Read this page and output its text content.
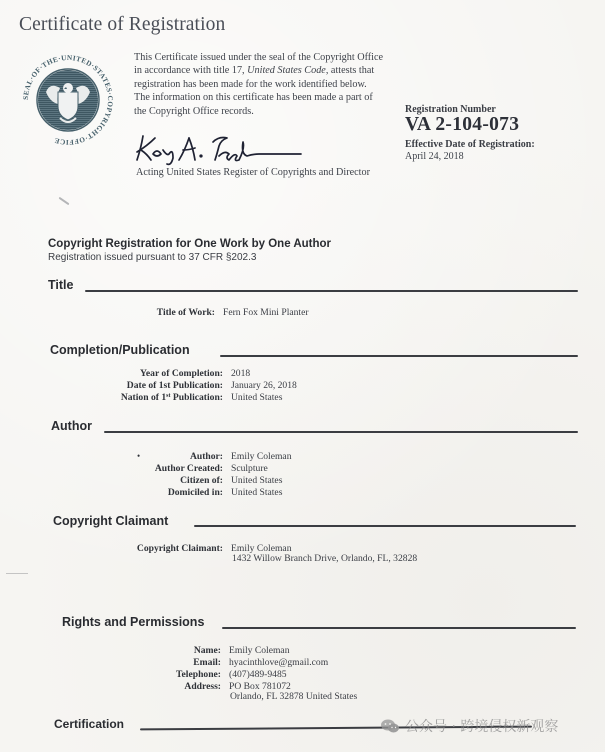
Certificate of Registration
SEAL·OF·THE·UNITED·STATES·COPYRIGHT·OFFICE
This Certificate issued under the seal of the Copyright Office in accordance with title 17, United States Code, attests that registration has been made for the work identified below. The information on this certificate has been made a part of the Copyright Office records.
Acting United States Register of Copyrights and Director
Registration Number
VA 2-104-073
Effective Date of Registration:
April 24, 2018
Copyright Registration for One Work by One Author
Registration issued pursuant to 37 CFR §202.3
Title
Title of Work: Fern Fox Mini Planter
Completion/Publication
Year of Completion: 2018
Date of 1st Publication: January 26, 2018
Nation of 1st Publication: United States
Author
•	Author: Emily Coleman
Author Created: Sculpture
Citizen of: United States
Domiciled in: United States
Copyright Claimant
Copyright Claimant: Emily Coleman
1432 Willow Branch Drive, Orlando, FL, 32828
Rights and Permissions
Name: Emily Coleman
Email: hyacinthlove@gmail.com
Telephone: (407)489-9485
Address: PO Box 781072
Orlando, FL 32878 United States
Certification	公众号 · 跨境侵权新观察
